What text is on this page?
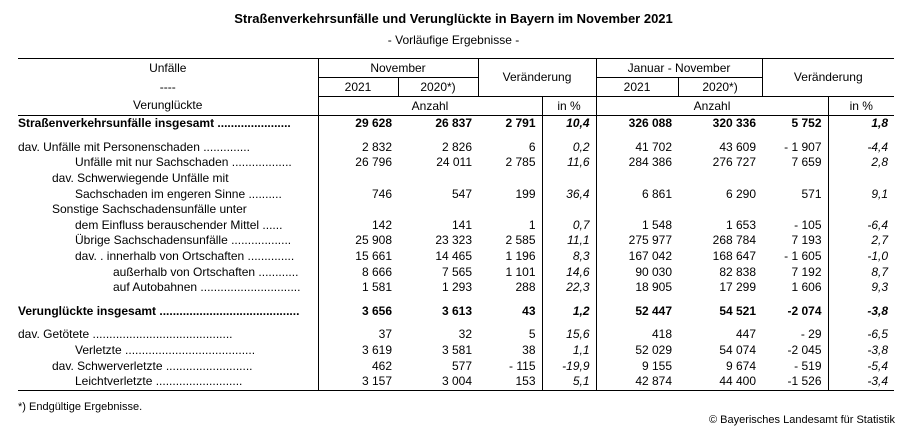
Straßenverkehrsunfälle und Verunglückte in Bayern im November 2021
- Vorläufige Ergebnisse -
Unfälle	November		Veränderung		Januar - November		Veränderung	
----	2021	2020*)			2021	2020*)		
Verunglückte	Anzahl			in %	Anzahl			in %
Straßenverkehrsunfälle insgesamt ......................	29 628	26 837	2 791	10,4	326 088	320 336	5 752	1,8

dav. Unfälle mit Personenschaden ..............	2 832	2 826	6	0,2	41 702	43 609	- 1 907	-4,4
Unfälle mit nur Sachschaden ..................	26 796	24 011	2 785	11,6	284 386	276 727	7 659	2,8
dav. Schwerwiegende Unfälle mit								
Sachschaden im engeren Sinne ..........	746	547	199	36,4	6 861	6 290	571	9,1
Sonstige Sachschadensunfälle unter								
dem Einfluss berauschender Mittel ......	142	141	1	0,7	1 548	1 653	- 105	-6,4
Übrige Sachschadensunfälle ..................	25 908	23 323	2 585	11,1	275 977	268 784	7 193	2,7
dav. . innerhalb von Ortschaften ..............	15 661	14 465	1 196	8,3	167 042	168 647	- 1 605	-1,0
außerhalb von Ortschaften ............	8 666	7 565	1 101	14,6	90 030	82 838	7 192	8,7
auf Autobahnen ..............................	1 581	1 293	288	22,3	18 905	17 299	1 606	9,3

Verunglückte insgesamt ..........................................	3 656	3 613	43	1,2	52 447	54 521	-2 074	-3,8

dav. Getötete ..........................................	37	32	5	15,6	418	447	- 29	-6,5
Verletzte .......................................	3 619	3 581	38	1,1	52 029	54 074	-2 045	-3,8
dav. Schwerverletzte ..........................	462	577	- 115	-19,9	9 155	9 674	- 519	-5,4
Leichtverletzte ..........................	3 157	3 004	153	5,1	42 874	44 400	-1 526	-3,4
*) Endgültige Ergebnisse.
© Bayerisches Landesamt für Statistik
